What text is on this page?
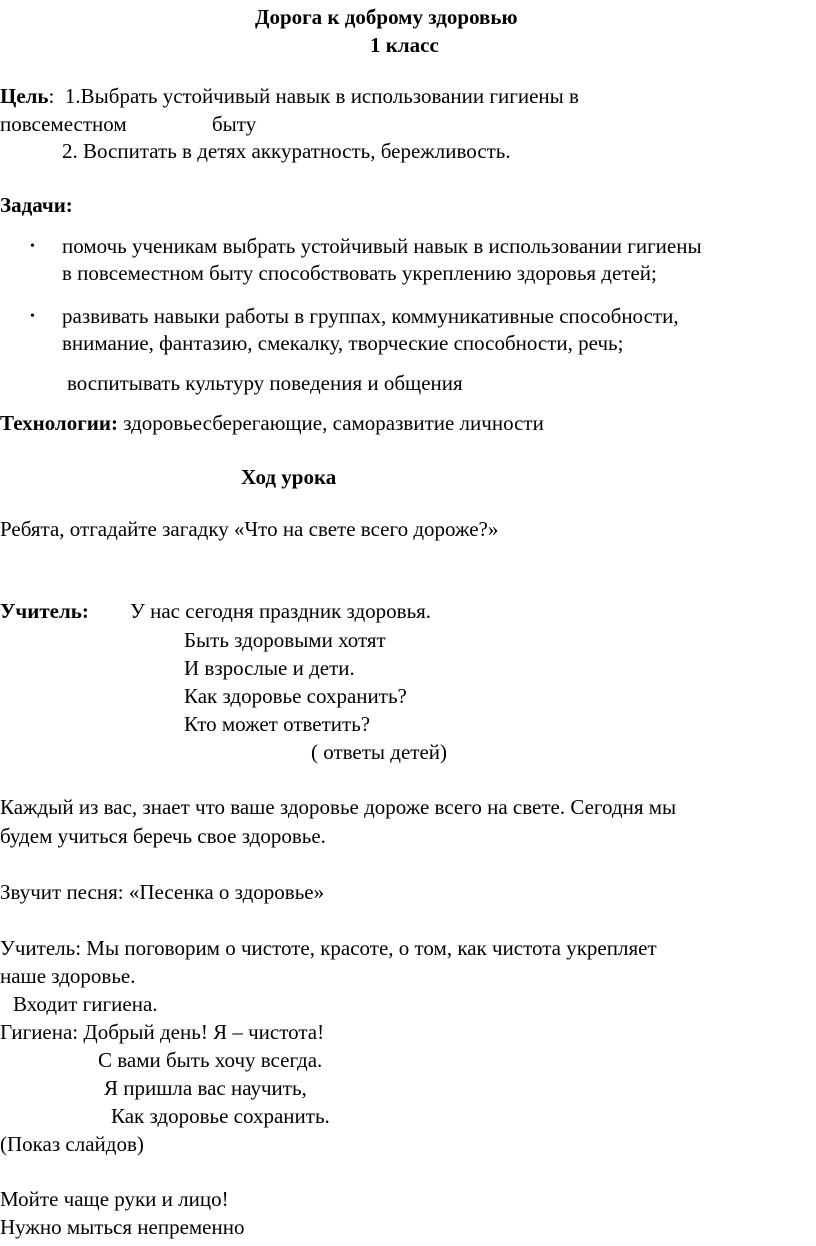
Дорога к доброму здоровью
1 класс
Цель: 1.Выбрать устойчивый навык в использовании гигиены в
повсеместном	быту
2. Воспитать в детях аккуратность, бережливость.
Задачи:
• помочь ученикам выбрать устойчивый навык в использовании гигиены
в повсеместном быту способствовать укреплению здоровья детей;
• развивать навыки работы в группах, коммуникативные способности,
внимание, фантазию, смекалку, творческие способности, речь;
воспитывать культуру поведения и общения
Технологии: здоровьесберегающие, саморазвитие личности
Ход урока
Ребята, отгадайте загадку «Что на свете всего дороже?»
Учитель: У нас сегодня праздник здоровья.
Быть здоровыми хотят
И взрослые и дети.
Как здоровье сохранить?
Кто может ответить?
( ответы детей)
Каждый из вас, знает что ваше здоровье дороже всего на свете. Сегодня мы
будем учиться беречь свое здоровье.
Звучит песня: «Песенка о здоровье»
Учитель: Мы поговорим о чистоте, красоте, о том, как чистота укрепляет
наше здоровье.
Входит гигиена.
Гигиена: Добрый день! Я – чистота!
С вами быть хочу всегда.
Я пришла вас научить,
Как здоровье сохранить.
(Показ слайдов)
Мойте чаще руки и лицо!
Нужно мыться непременно
